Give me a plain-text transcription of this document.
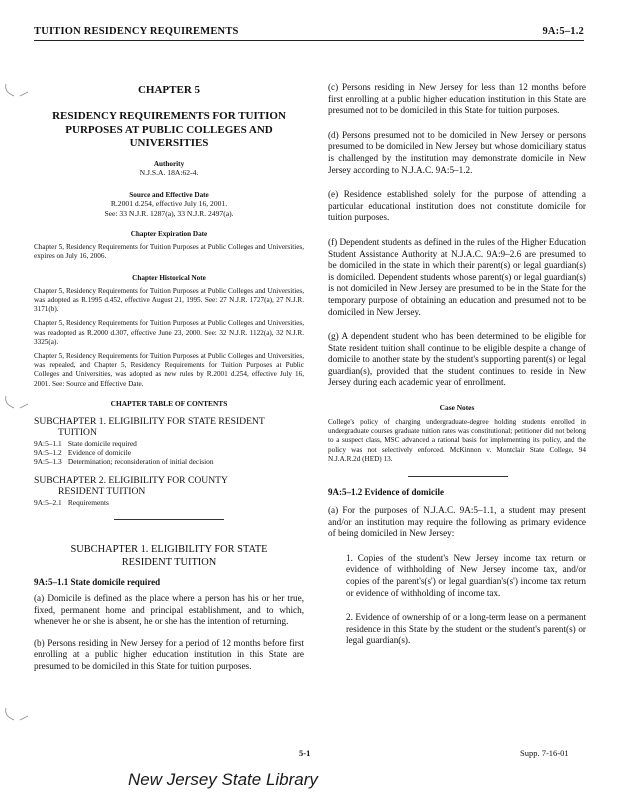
TUITION RESIDENCY REQUIREMENTS	9A:5–1.2
CHAPTER 5
RESIDENCY REQUIREMENTS FOR TUITION PURPOSES AT PUBLIC COLLEGES AND UNIVERSITIES
Authority
N.J.S.A. 18A:62-4.
Source and Effective Date
R.2001 d.254, effective July 16, 2001.
See: 33 N.J.R. 1287(a), 33 N.J.R. 2497(a).
Chapter Expiration Date
Chapter 5, Residency Requirements for Tuition Purposes at Public Colleges and Universities, expires on July 16, 2006.
Chapter Historical Note
Chapter 5, Residency Requirements for Tuition Purposes at Public Colleges and Universities, was adopted as R.1995 d.452, effective August 21, 1995. See: 27 N.J.R. 1727(a), 27 N.J.R. 3171(b).
Chapter 5, Residency Requirements for Tuition Purposes at Public Colleges and Universities, was readopted as R.2000 d.307, effective June 23, 2000. See: 32 N.J.R. 1122(a), 32 N.J.R. 3325(a).
Chapter 5, Residency Requirements for Tuition Purposes at Public Colleges and Universities, was repealed, and Chapter 5, Residency Requirements for Tuition Purposes at Public Colleges and Universities, was adopted as new rules by R.2001 d.254, effective July 16, 2001. See: Source and Effective Date.
CHAPTER TABLE OF CONTENTS
SUBCHAPTER 1. ELIGIBILITY FOR STATE RESIDENT
TUITION
9A:5–1.1 State domicile required
9A:5–1.2 Evidence of domicile
9A:5–1.3 Determination; reconsideration of initial decision
SUBCHAPTER 2. ELIGIBILITY FOR COUNTY
RESIDENT TUITION
9A:5–2.1 Requirements
SUBCHAPTER 1. ELIGIBILITY FOR STATE
RESIDENT TUITION
9A:5–1.1 State domicile required
(a) Domicile is defined as the place where a person has his or her true, fixed, permanent home and principal establishment, and to which, whenever he or she is absent, he or she has the intention of returning.
(b) Persons residing in New Jersey for a period of 12 months before first enrolling at a public higher education institution in this State are presumed to be domiciled in this State for tuition purposes.
(c) Persons residing in New Jersey for less than 12 months before first enrolling at a public higher education institution in this State are presumed not to be domiciled in this State for tuition purposes.
(d) Persons presumed not to be domiciled in New Jersey or persons presumed to be domiciled in New Jersey but whose domiciliary status is challenged by the institution may demonstrate domicile in New Jersey according to N.J.A.C. 9A:5–1.2.
(e) Residence established solely for the purpose of attending a particular educational institution does not constitute domicile for tuition purposes.
(f) Dependent students as defined in the rules of the Higher Education Student Assistance Authority at N.J.A.C. 9A:9–2.6 are presumed to be domiciled in the state in which their parent(s) or legal guardian(s) is domiciled. Dependent students whose parent(s) or legal guardian(s) is not domiciled in New Jersey are presumed to be in the State for the temporary purpose of obtaining an education and presumed not to be domiciled in New Jersey.
(g) A dependent student who has been determined to be eligible for State resident tuition shall continue to be eligible despite a change of domicile to another state by the student's supporting parent(s) or legal guardian(s), provided that the student continues to reside in New Jersey during each academic year of enrollment.
Case Notes
College's policy of charging undergraduate-degree holding students enrolled in undergraduate courses graduate tuition rates was constitutional; petitioner did not belong to a suspect class, MSC advanced a rational basis for implementing its policy, and the policy was not selectively enforced. McKinnon v. Montclair State College, 94 N.J.A.R.2d (HED) 13.
9A:5–1.2 Evidence of domicile
(a) For the purposes of N.J.A.C. 9A:5–1.1, a student may present and/or an institution may require the following as primary evidence of being domiciled in New Jersey:
1. Copies of the student's New Jersey income tax return or evidence of withholding of New Jersey income tax, and/or copies of the parent's(s') or legal guardian's(s') income tax return or evidence of withholding of income tax.
2. Evidence of ownership of or a long-term lease on a permanent residence in this State by the student or the student's parent(s) or legal guardian(s).
5-1	Supp. 7-16-01
New Jersey State Library
